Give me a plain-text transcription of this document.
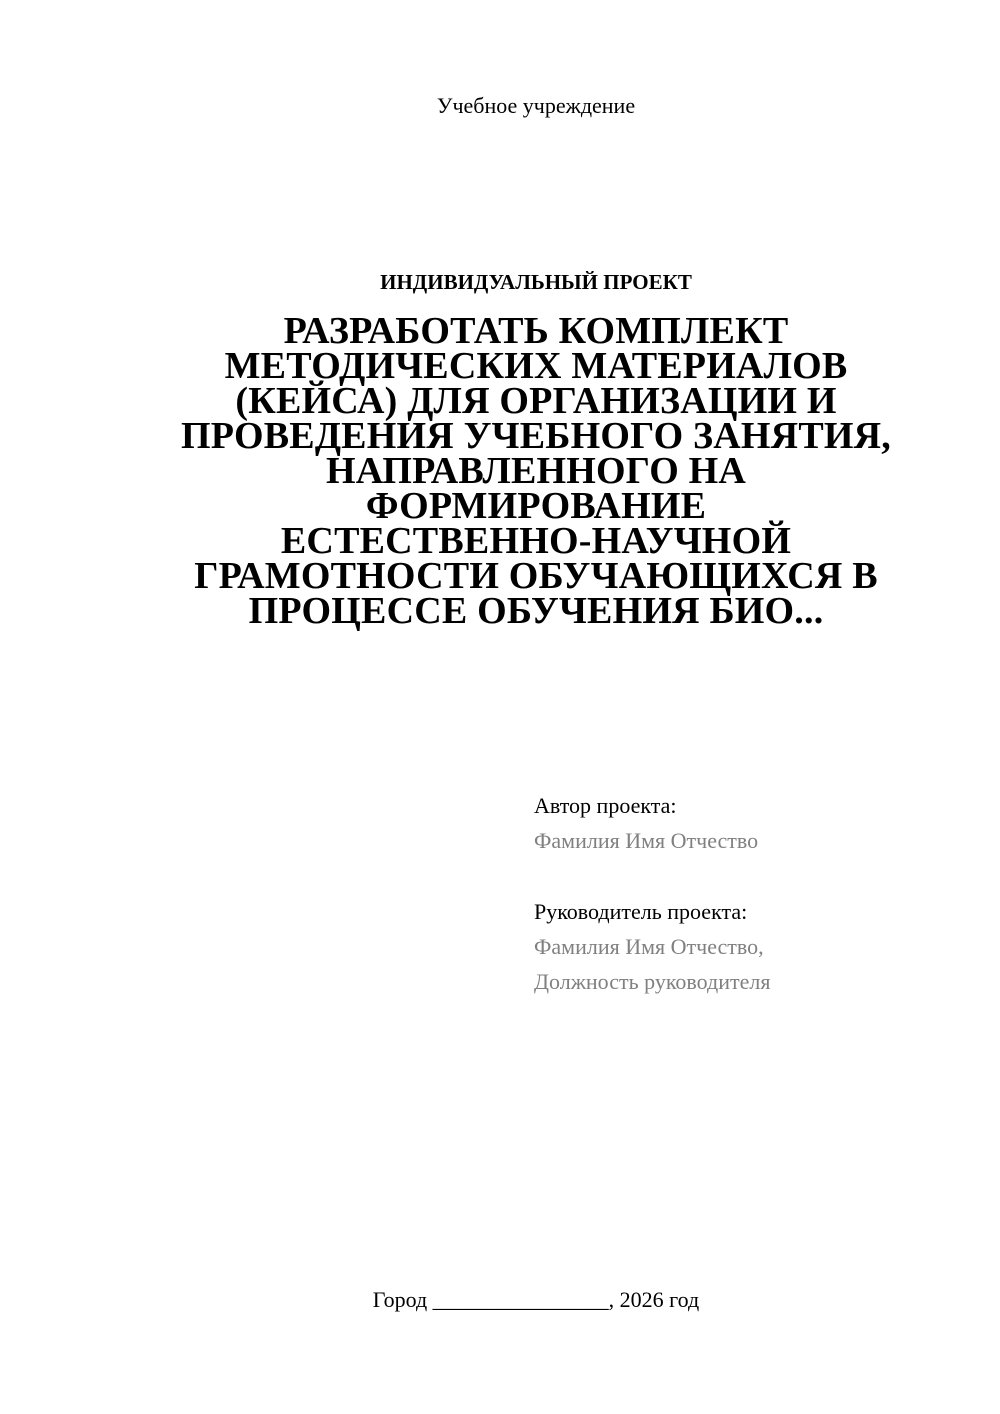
Учебное учреждение
ИНДИВИДУАЛЬНЫЙ ПРОЕКТ
РАЗРАБОТАТЬ КОМПЛЕКТ
МЕТОДИЧЕСКИХ МАТЕРИАЛОВ
(КЕЙСА) ДЛЯ ОРГАНИЗАЦИИ И
ПРОВЕДЕНИЯ УЧЕБНОГО ЗАНЯТИЯ,
НАПРАВЛЕННОГО НА
ФОРМИРОВАНИЕ
ЕСТЕСТВЕННО-НАУЧНОЙ
ГРАМОТНОСТИ ОБУЧАЮЩИХСЯ В
ПРОЦЕССЕ ОБУЧЕНИЯ БИО...
Автор проекта:
Фамилия Имя Отчество
Руководитель проекта:
Фамилия Имя Отчество,
Должность руководителя
Город ________________, 2026 год
